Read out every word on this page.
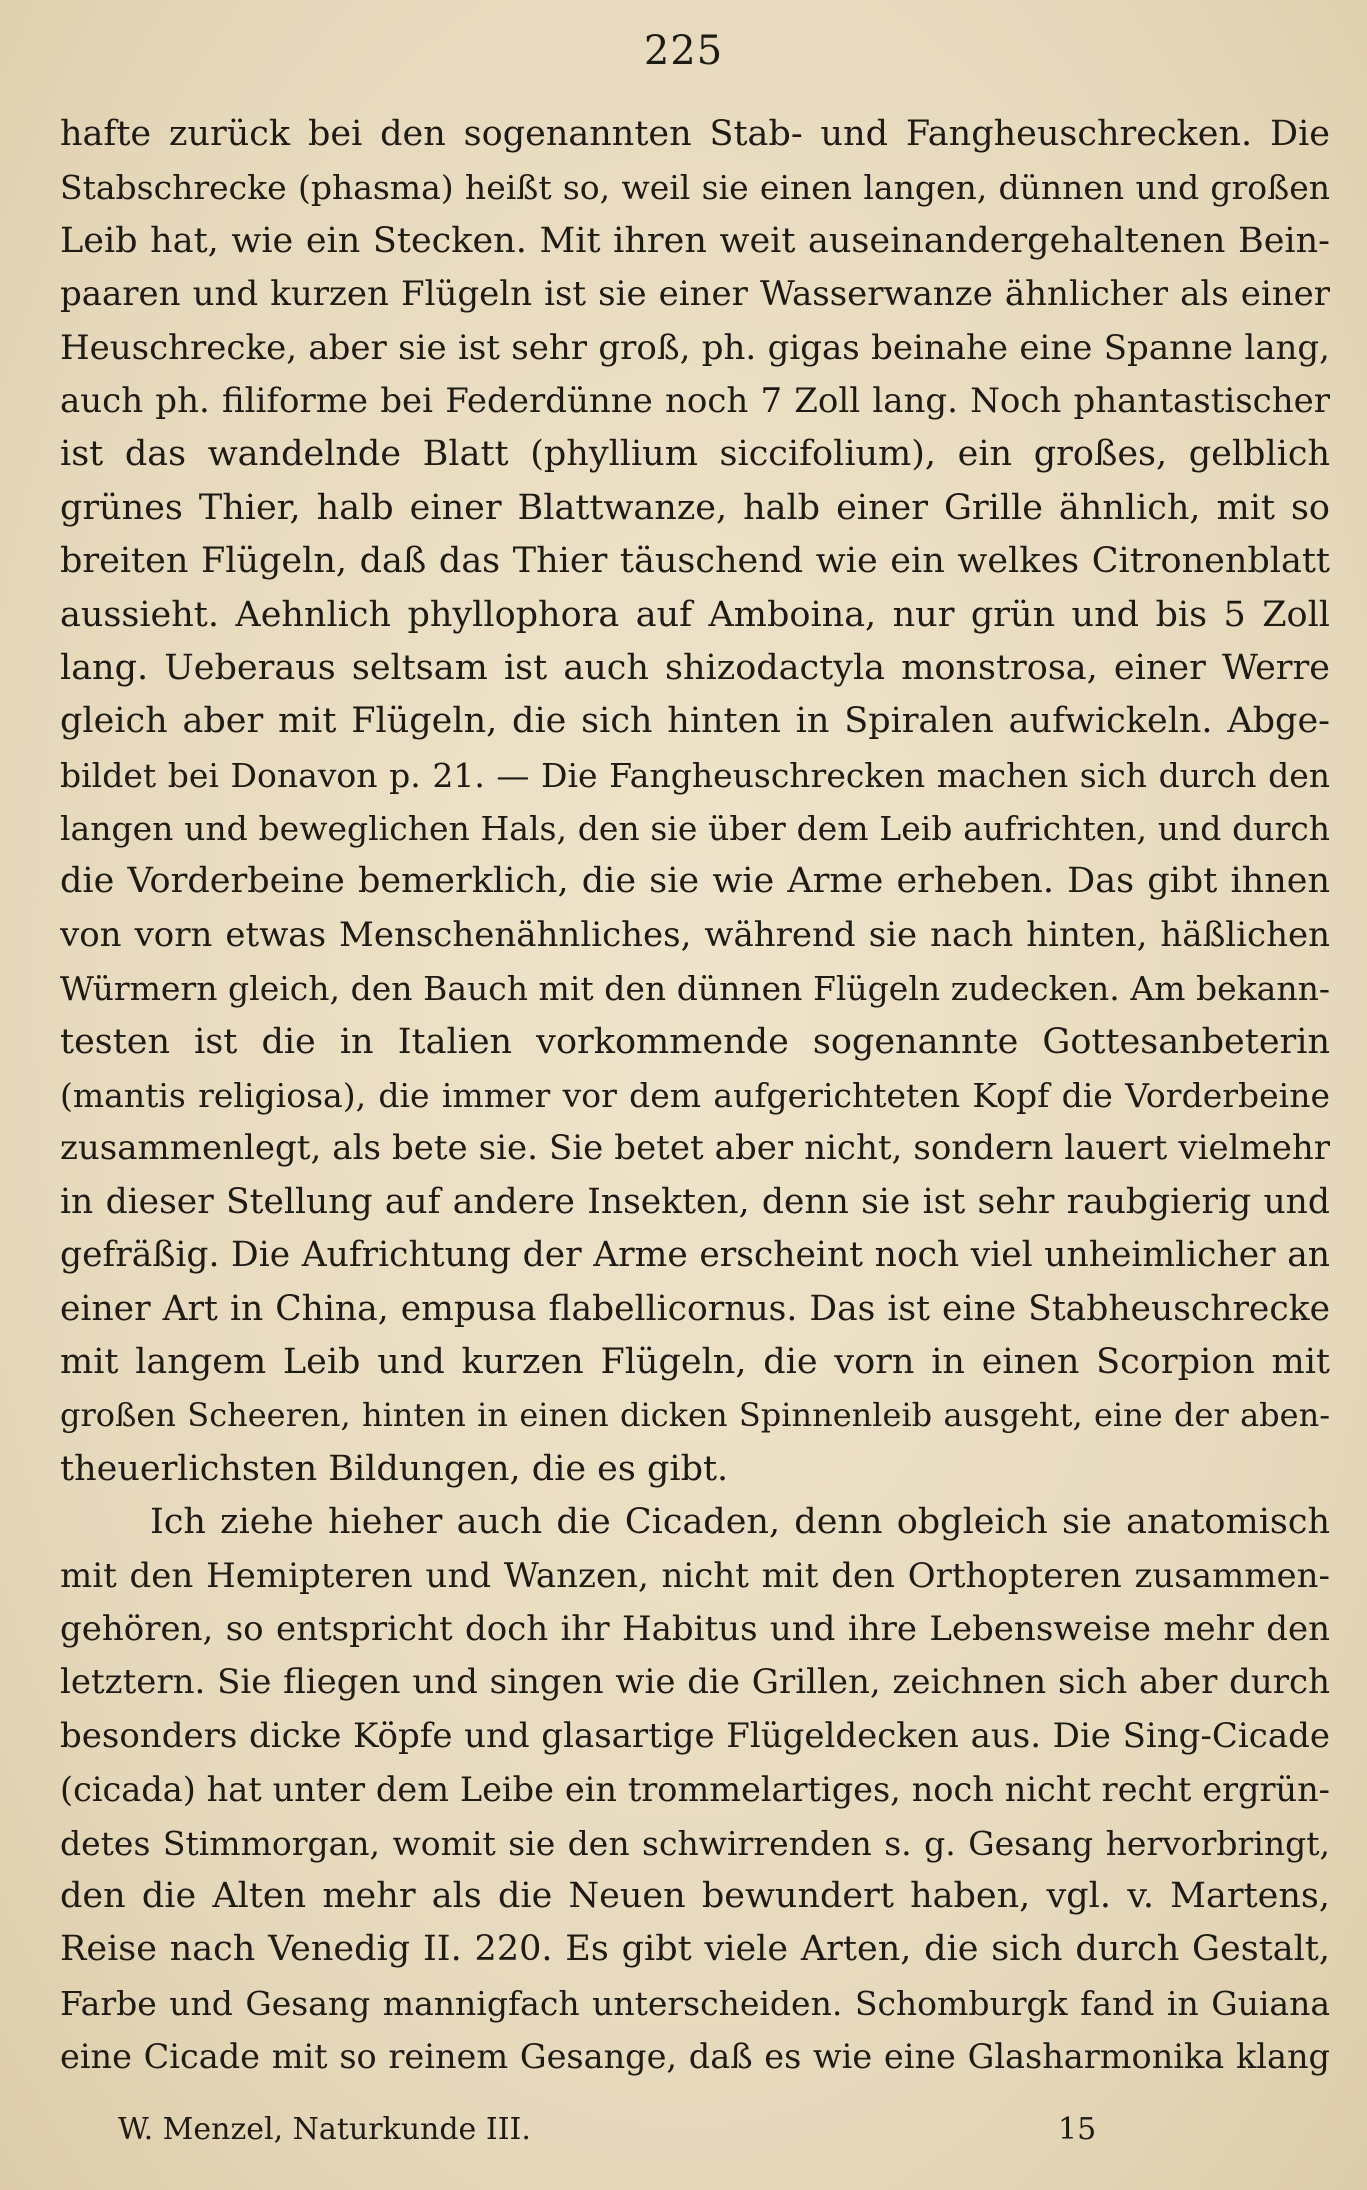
225
hafte zurück bei den sogenannten Stab- und Fangheuschrecken. Die
Stabschrecke (phasma) heißt so, weil sie einen langen, dünnen und großen
Leib hat, wie ein Stecken. Mit ihren weit auseinandergehaltenen Bein-
paaren und kurzen Flügeln ist sie einer Wasserwanze ähnlicher als einer
Heuschrecke, aber sie ist sehr groß, ph. gigas beinahe eine Spanne lang,
auch ph. filiforme bei Federdünne noch 7 Zoll lang. Noch phantastischer
ist das wandelnde Blatt (phyllium siccifolium), ein großes, gelblich
grünes Thier, halb einer Blattwanze, halb einer Grille ähnlich, mit so
breiten Flügeln, daß das Thier täuschend wie ein welkes Citronenblatt
aussieht. Aehnlich phyllophora auf Amboina, nur grün und bis 5 Zoll
lang. Ueberaus seltsam ist auch shizodactyla monstrosa, einer Werre
gleich aber mit Flügeln, die sich hinten in Spiralen aufwickeln. Abge-
bildet bei Donavon p. 21. — Die Fangheuschrecken machen sich durch den
langen und beweglichen Hals, den sie über dem Leib aufrichten, und durch
die Vorderbeine bemerklich, die sie wie Arme erheben. Das gibt ihnen
von vorn etwas Menschenähnliches, während sie nach hinten, häßlichen
Würmern gleich, den Bauch mit den dünnen Flügeln zudecken. Am bekann-
testen ist die in Italien vorkommende sogenannte Gottesanbeterin
(mantis religiosa), die immer vor dem aufgerichteten Kopf die Vorderbeine
zusammenlegt, als bete sie. Sie betet aber nicht, sondern lauert vielmehr
in dieser Stellung auf andere Insekten, denn sie ist sehr raubgierig und
gefräßig. Die Aufrichtung der Arme erscheint noch viel unheimlicher an
einer Art in China, empusa flabellicornus. Das ist eine Stabheuschrecke
mit langem Leib und kurzen Flügeln, die vorn in einen Scorpion mit
großen Scheeren, hinten in einen dicken Spinnenleib ausgeht, eine der aben-
theuerlichsten Bildungen, die es gibt.
Ich ziehe hieher auch die Cicaden, denn obgleich sie anatomisch
mit den Hemipteren und Wanzen, nicht mit den Orthopteren zusammen-
gehören, so entspricht doch ihr Habitus und ihre Lebensweise mehr den
letztern. Sie fliegen und singen wie die Grillen, zeichnen sich aber durch
besonders dicke Köpfe und glasartige Flügeldecken aus. Die Sing-Cicade
(cicada) hat unter dem Leibe ein trommelartiges, noch nicht recht ergrün-
detes Stimmorgan, womit sie den schwirrenden s. g. Gesang hervorbringt,
den die Alten mehr als die Neuen bewundert haben, vgl. v. Martens,
Reise nach Venedig II. 220. Es gibt viele Arten, die sich durch Gestalt,
Farbe und Gesang mannigfach unterscheiden. Schomburgk fand in Guiana
eine Cicade mit so reinem Gesange, daß es wie eine Glasharmonika klang
W. Menzel, Naturkunde III.	15
